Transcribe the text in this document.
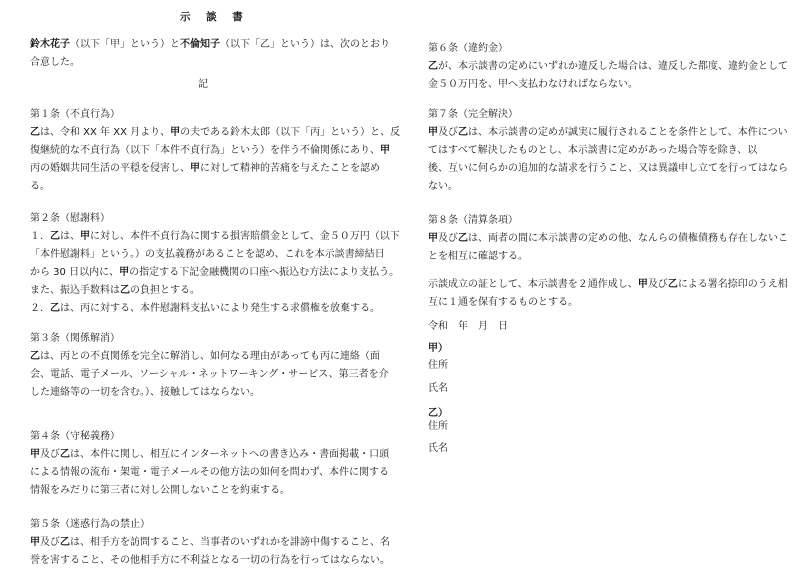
示 談 書
鈴木花子（以下「甲」という）と不倫知子（以下「乙」という）は、次のとおり
合意した。
記
第１条（不貞行為）
乙は、令和 XX 年 XX 月より、甲の夫である鈴木太郎（以下「丙」という）と、反
復継続的な不貞行為（以下「本件不貞行為」という）を伴う不倫関係にあり、甲
丙の婚姻共同生活の平穏を侵害し、甲に対して精神的苦痛を与えたことを認め
る。
第２条（慰謝料）
１．乙は、甲に対し、本件不貞行為に関する損害賠償金として、金５０万円（以下
「本件慰謝料」という。）の支払義務があることを認め、これを本示談書締結日
から 30 日以内に、甲の指定する下記金融機関の口座へ振込む方法により支払う。
また、振込手数料は乙の負担とする。
２．乙は、丙に対する、本件慰謝料支払いにより発生する求償権を放棄する。
第３条（関係解消）
乙は、丙との不貞関係を完全に解消し、如何なる理由があっても丙に連絡（面
会、電話、電子メール、ソーシャル・ネットワーキング・サービス、第三者を介
した連絡等の一切を含む。）、接触してはならない。
第４条（守秘義務）
甲及び乙は、本件に関し、相互にインターネットへの書き込み・書面掲載・口頭
による情報の流布・架電・電子メールその他方法の如何を問わず、本件に関する
情報をみだりに第三者に対し公開しないことを約束する。
第５条（迷惑行為の禁止）
甲及び乙は、相手方を訪問すること、当事者のいずれかを誹謗中傷すること、名
誉を害すること、その他相手方に不利益となる一切の行為を行ってはならない。
第６条（違約金）
乙が、本示談書の定めにいずれか違反した場合は、違反した都度、違約金として
金５０万円を、甲へ支払わなければならない。
第７条（完全解決）
甲及び乙は、本示談書の定めが誠実に履行されることを条件として、本件につい
てはすべて解決したものとし、本示談書に定めがあった場合等を除き、以
後、互いに何らかの追加的な請求を行うこと、又は異議申し立てを行ってはなら
ない。
第８条（清算条項）
甲及び乙は、両者の間に本示談書の定めの他、なんらの債権債務も存在しないこ
とを相互に確認する。
示談成立の証として、本示談書を２通作成し、甲及び乙による署名捺印のうえ相
互に１通を保有するものとする。
令和　年　月　日
甲）
住所
氏名
乙）
住所
氏名
